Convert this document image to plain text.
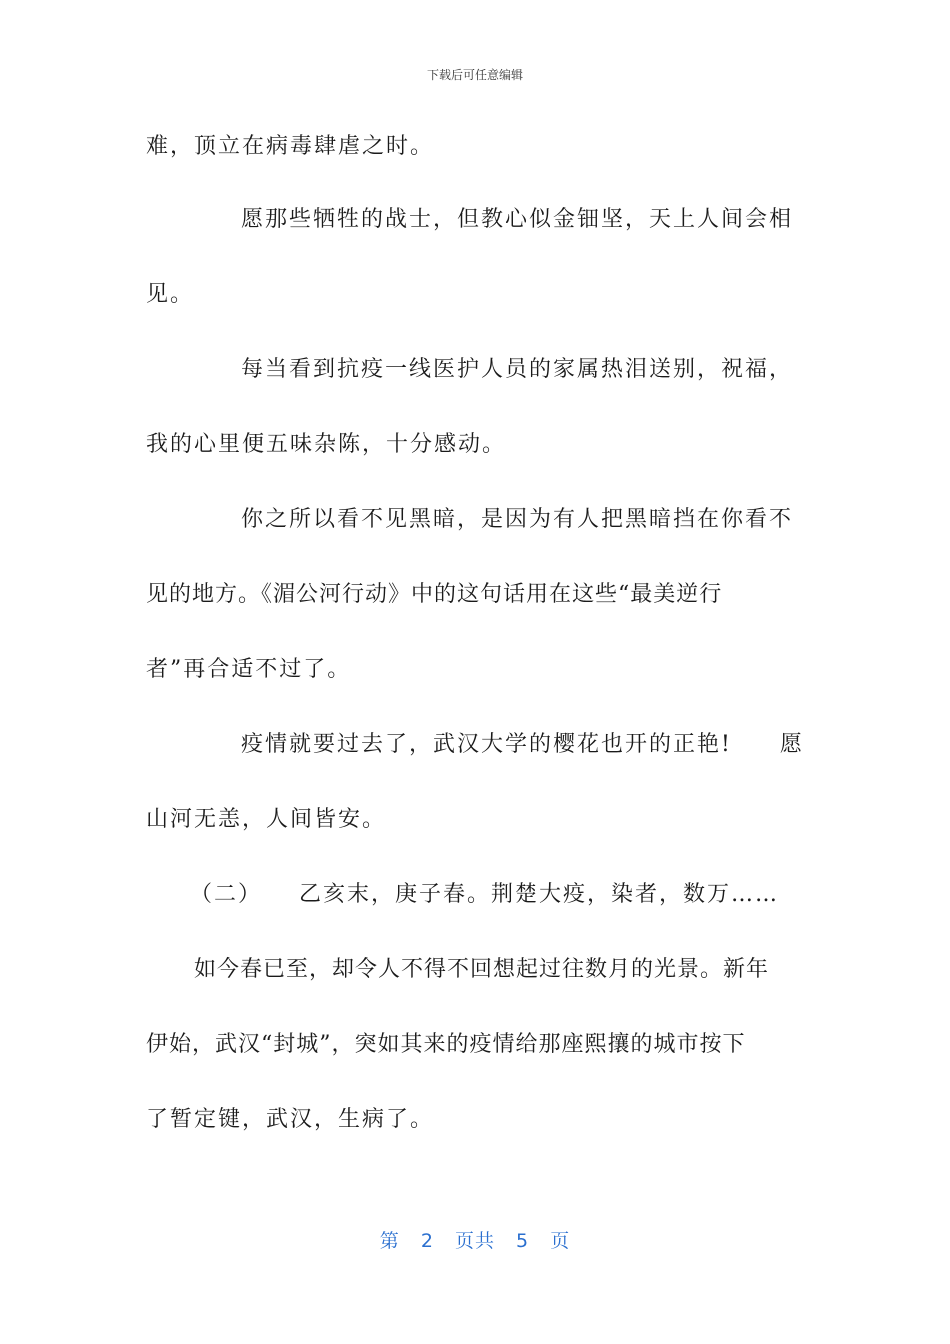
下载后可任意编辑
难，顶立在病毒肆虐之时。
愿那些牺牲的战士，但教心似金钿坚，天上人间会相
见。
每当看到抗疫一线医护人员的家属热泪送别，祝福，
我的心里便五味杂陈，十分感动。
你之所以看不见黑暗，是因为有人把黑暗挡在你看不
见的地方。《湄公河行动》中的这句话用在这些“最美逆行
者”再合适不过了。
疫情就要过去了，武汉大学的樱花也开的正艳!　　愿
山河无恙，人间皆安。
（二）　　乙亥末，庚子春。荆楚大疫，染者，数万……
如今春已至，却令人不得不回想起过往数月的光景。新年
伊始，武汉“封城”，突如其来的疫情给那座熙攘的城市按下
了暂定键，武汉，生病了。
第 2 页共 5 页
